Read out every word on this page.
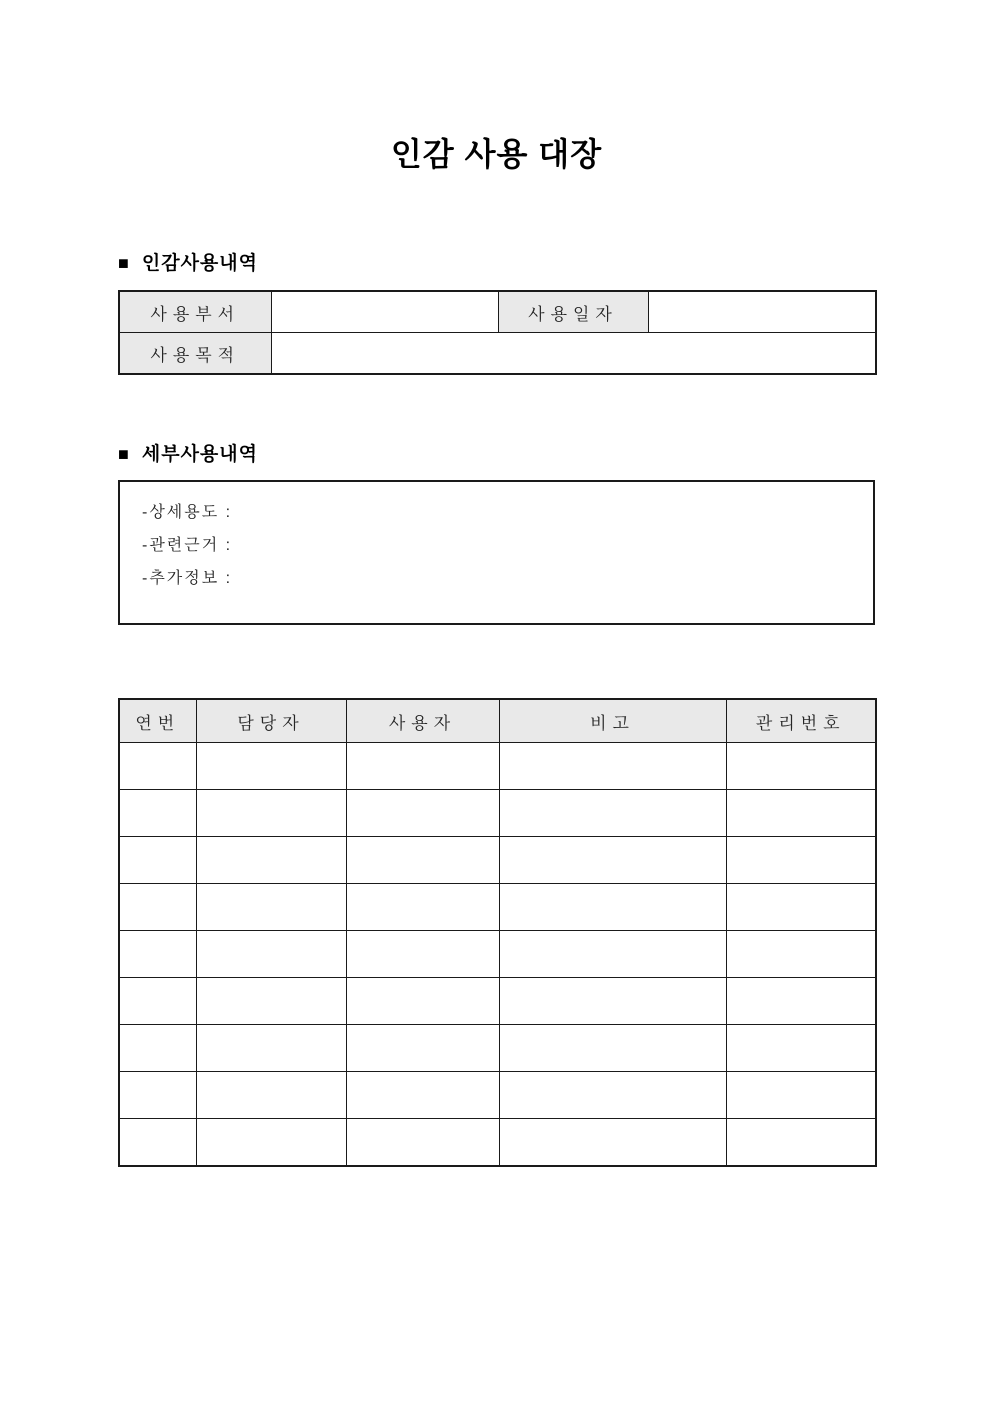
인감 사용 대장
■ 인감사용내역
사용부서		사용일자	
사용목적			
■ 세부사용내역

-상세용도 :

-관련근거 :

-추가정보 :

연번	담당자	사용자	비고	관리번호
